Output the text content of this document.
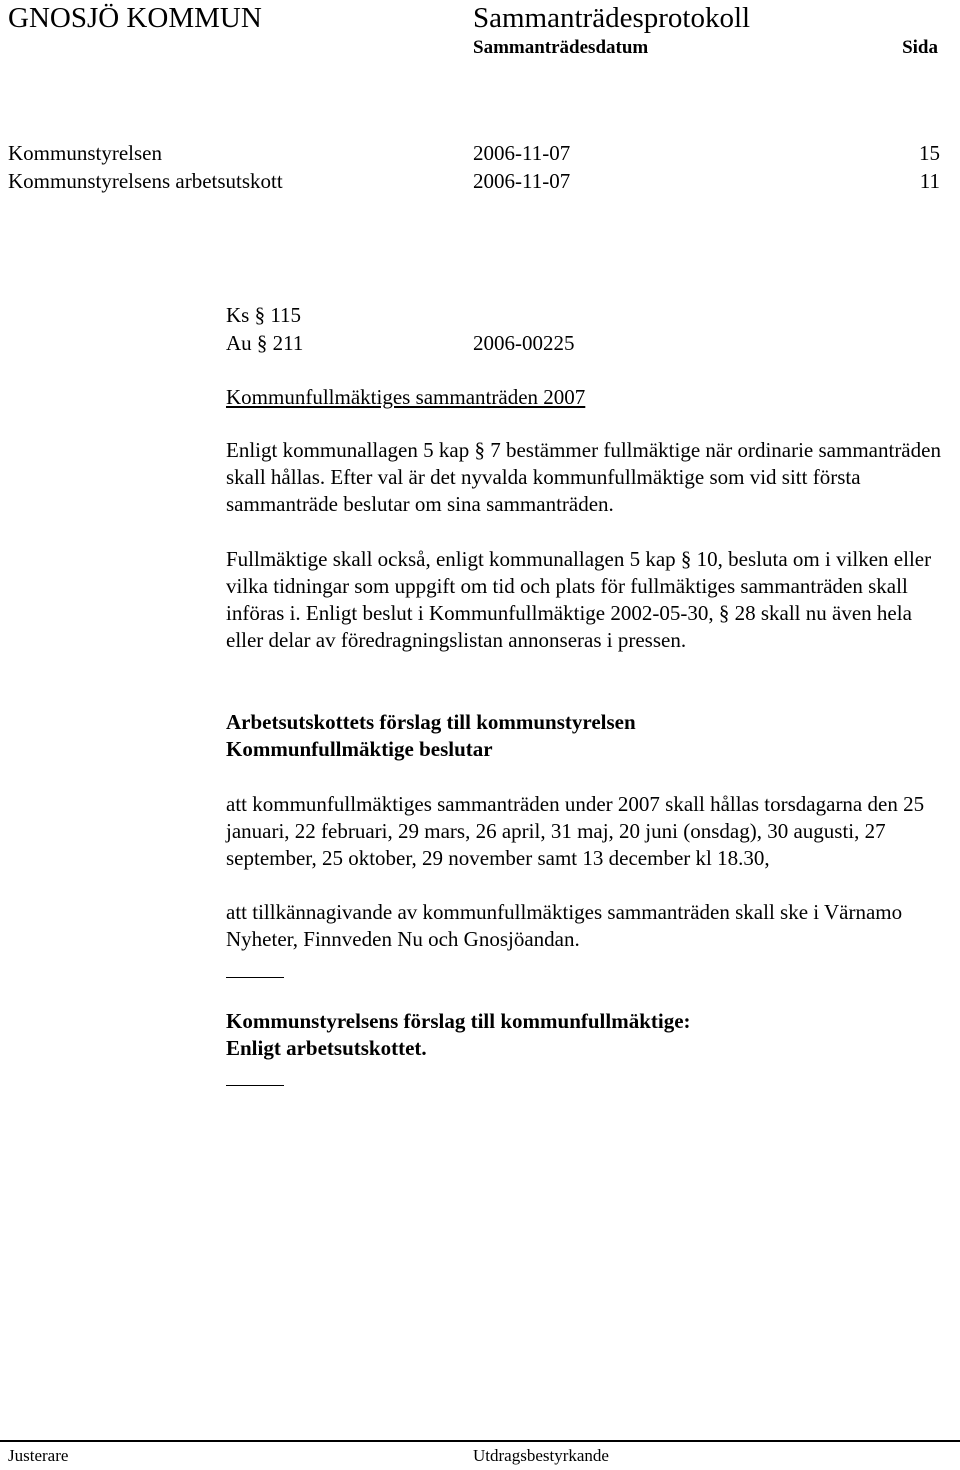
GNOSJÖ KOMMUN	Sammanträdesprotokoll
Sammanträdesdatum	Sida
Kommunstyrelsen	2006-11-07	15
Kommunstyrelsens arbetsutskott	2006-11-07	11
Ks § 115
Au § 211	2006-00225
Kommunfullmäktiges sammanträden 2007
Enligt kommunallagen 5 kap § 7 bestämmer fullmäktige när ordinarie sammanträden skall hållas. Efter val är det nyvalda kommunfullmäktige som vid sitt första sammanträde beslutar om sina sammanträden.
Fullmäktige skall också, enligt kommunallagen 5 kap § 10, besluta om i vilken eller vilka tidningar som uppgift om tid och plats för fullmäktiges sammanträden skall införas i. Enligt beslut i Kommunfullmäktige 2002-05-30, § 28 skall nu även hela eller delar av föredragningslistan annonseras i pressen.
Arbetsutskottets förslag till kommunstyrelsen
Kommunfullmäktige beslutar
att kommunfullmäktiges sammanträden under 2007 skall hållas torsdagarna den 25 januari, 22 februari, 29 mars, 26 april, 31 maj, 20 juni (onsdag), 30 augusti, 27 september, 25 oktober, 29 november samt 13 december kl 18.30,
att tillkännagivande av kommunfullmäktiges sammanträden skall ske i Värnamo Nyheter, Finnveden Nu och Gnosjöandan.
Kommunstyrelsens förslag till kommunfullmäktige:
Enligt arbetsutskottet.
Justerare	Utdragsbestyrkande
